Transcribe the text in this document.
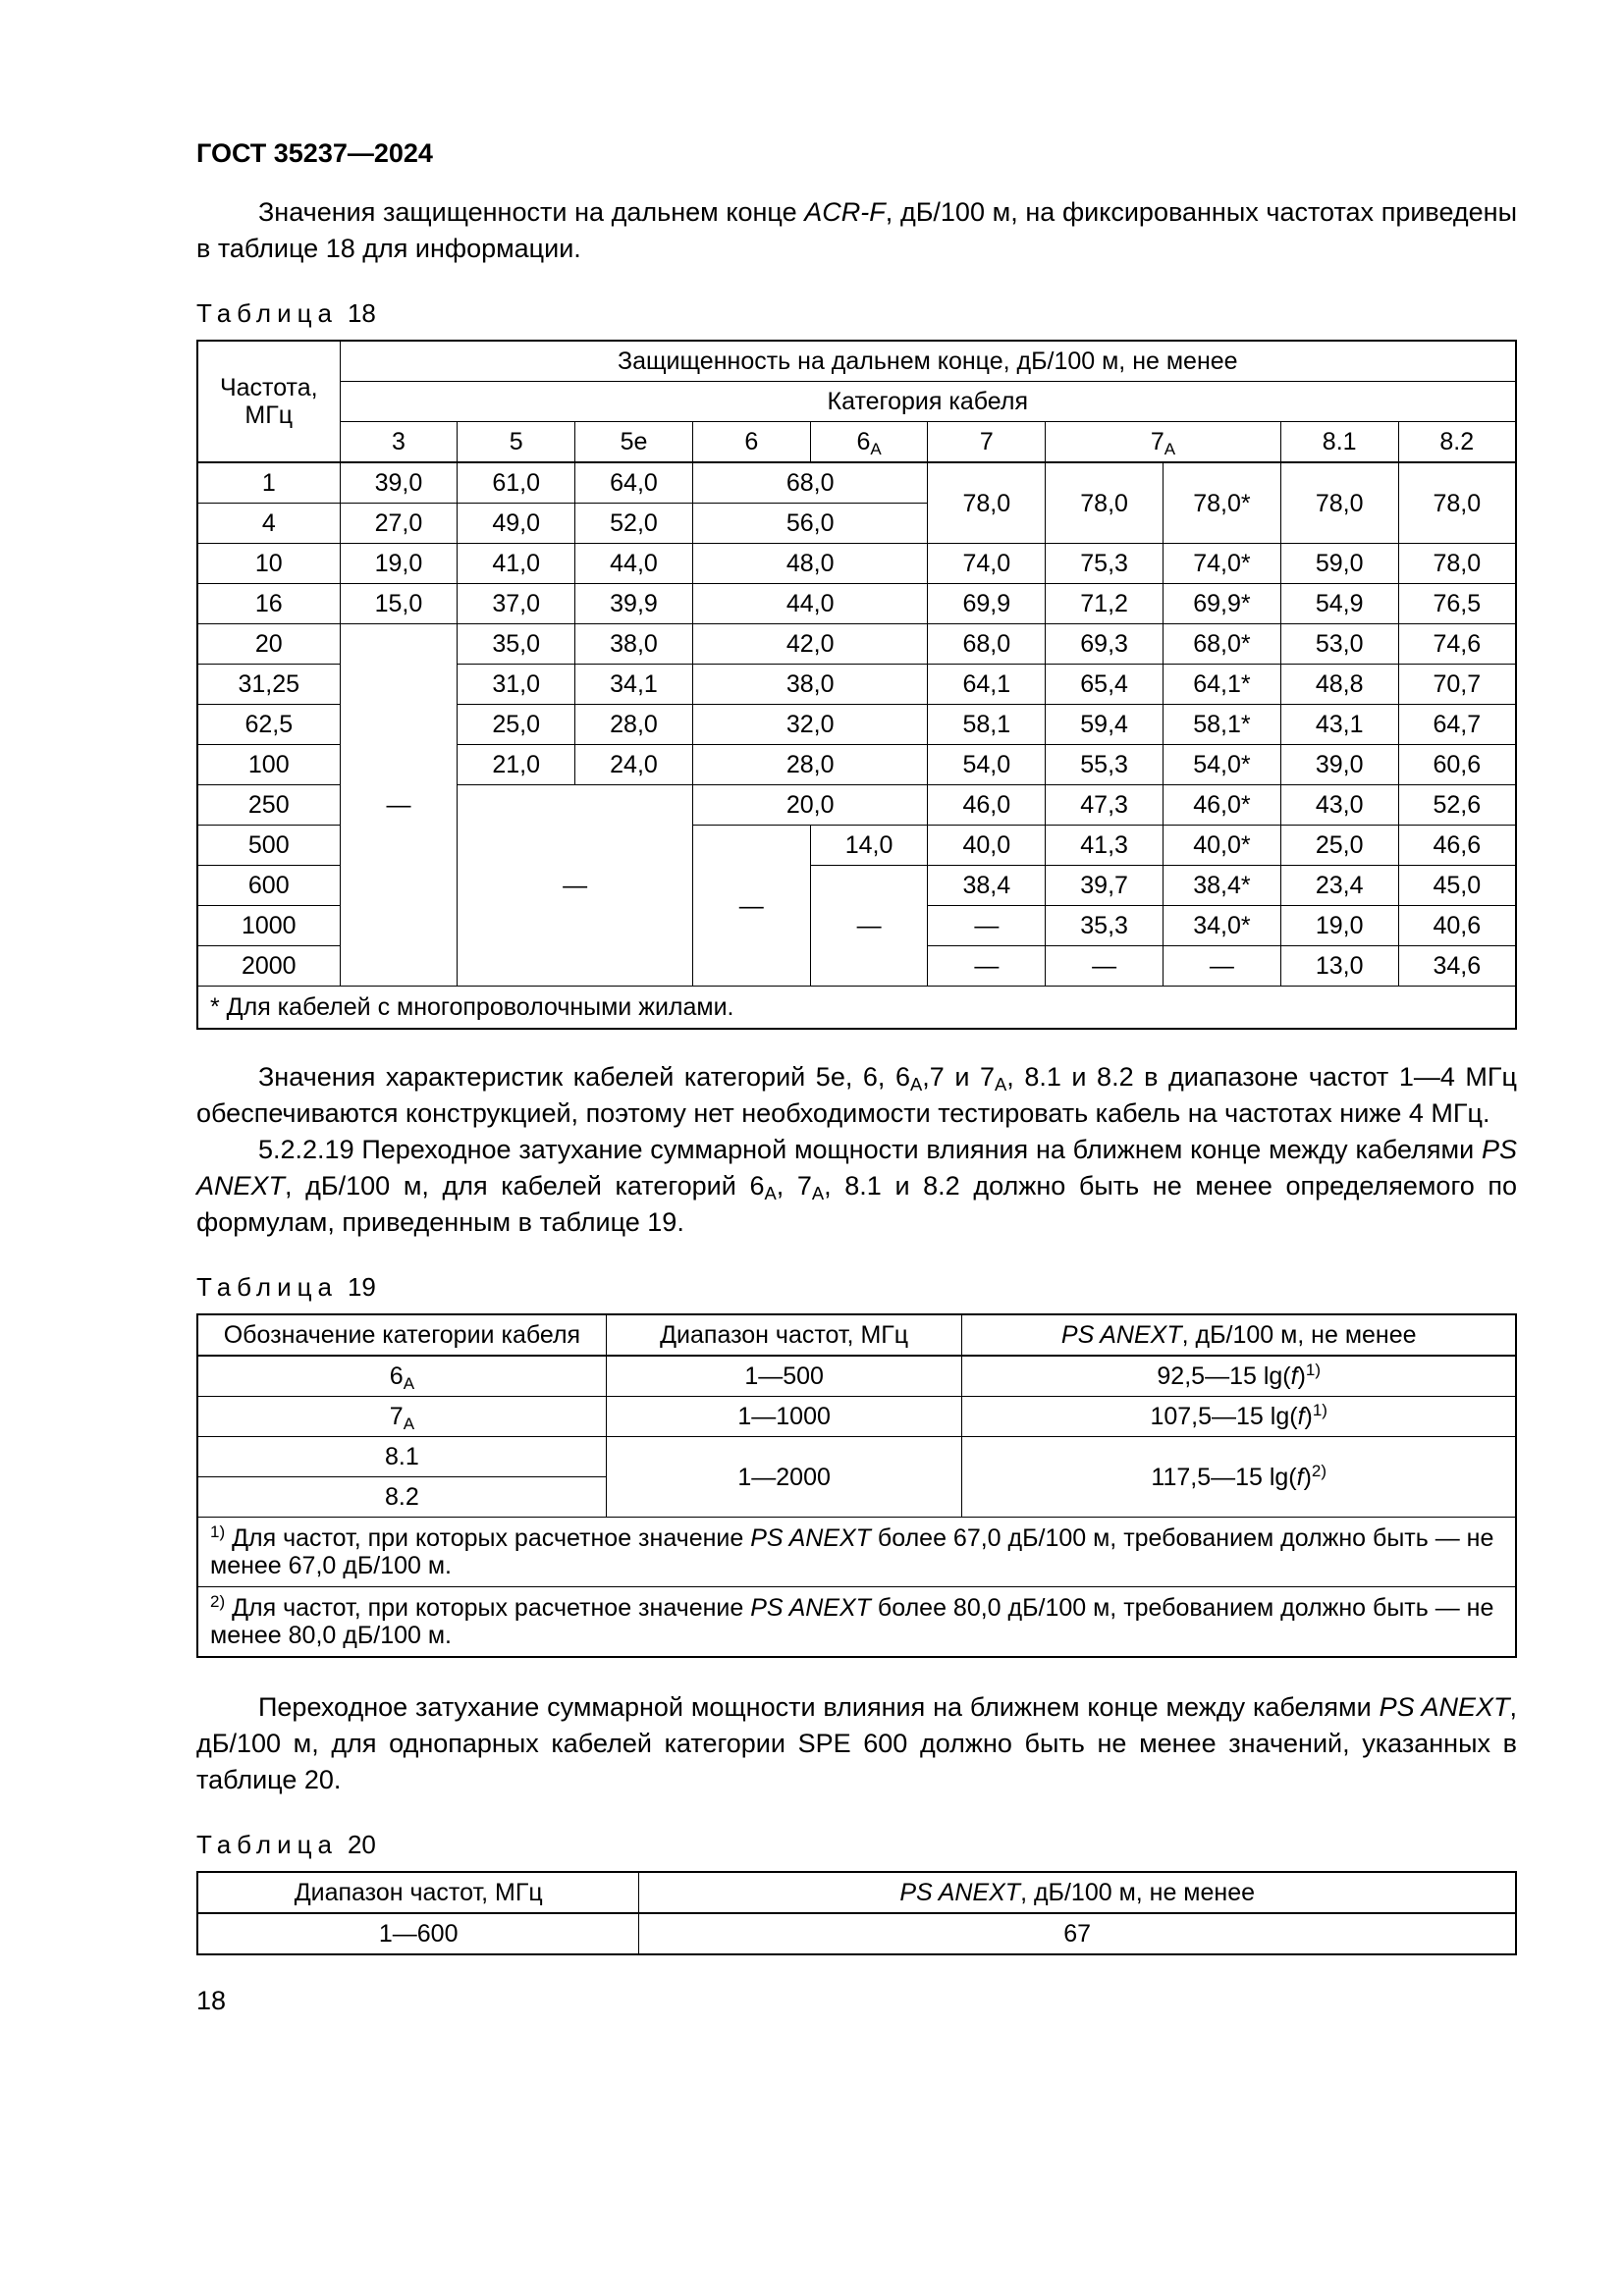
ГОСТ 35237—2024

Значения защищенности на дальнем конце ACR-F, дБ/100 м, на фиксированных частотах приведены в таблице 18 для информации.

Таблица 18
Частота, МГц	Защищенность на дальнем конце, дБ/100 м, не менее									
	Категория кабеля									
	3	5	5е	6	$6_А$	7	$7_А$		8.1	8.2
1	39,0	61,0	64,0	68,0		78,0	78,0	78,0*	78,0	78,0
4	27,0	49,0	52,0	56,0						
10	19,0	41,0	44,0	48,0		74,0	75,3	74,0*	59,0	78,0
16	15,0	37,0	39,9	44,0		69,9	71,2	69,9*	54,9	76,5
20	—	35,0	38,0	42,0		68,0	69,3	68,0*	53,0	74,6
31,25		31,0	34,1	38,0		64,1	65,4	64,1*	48,8	70,7
62,5		25,0	28,0	32,0		58,1	59,4	58,1*	43,1	64,7
100		21,0	24,0	28,0		54,0	55,3	54,0*	39,0	60,6
250		—		20,0		46,0	47,3	46,0*	43,0	52,6
500				—	14,0	40,0	41,3	40,0*	25,0	46,6
600					—	38,4	39,7	38,4*	23,4	45,0
1000						—	35,3	34,0*	19,0	40,6
2000						—	—	—	13,0	34,6
* Для кабелей с многопроволочными жилами.										

Значения характеристик кабелей категорий 5е, 6, $6_А,7$ и $7_А$, 8.1 и 8.2 в диапазоне частот 1—4 МГц обеспечиваются конструкцией, поэтому нет необходимости тестировать кабель на частотах ниже 4 МГц.

5.2.2.19 Переходное затухание суммарной мощности влияния на ближнем конце между кабелями PS ANEXT, дБ/100 м, для кабелей категорий $6_А$, $7_А$, 8.1 и 8.2 должно быть не менее определяемого по формулам, приведенным в таблице 19.

Таблица 19
Обозначение категории кабеля	Диапазон частот, МГц	PS ANEXT, дБ/100 м, не менее
$6_А$	1—500	92,5—15 $\lg(f)^{1)}$
$7_А$	1—1000	107,5—15 $\lg(f)^{1)}$
8.1	1—2000	117,5—15 $\lg(f)^{2)}$
8.2		
$^{1)}$ Для частот, при которых расчетное значение PS ANEXT более 67,0 дБ/100 м, требованием должно быть — не менее 67,0 дБ/100 м.		
$^{2)}$ Для частот, при которых расчетное значение PS ANEXT более 80,0 дБ/100 м, требованием должно быть — не менее 80,0 дБ/100 м.		

Переходное затухание суммарной мощности влияния на ближнем конце между кабелями PS ANEXT, дБ/100 м, для однопарных кабелей категории SPE 600 должно быть не менее значений, указанных в таблице 20.

Таблица 20
Диапазон частот, МГц	PS ANEXT, дБ/100 м, не менее
1—600	67
18
